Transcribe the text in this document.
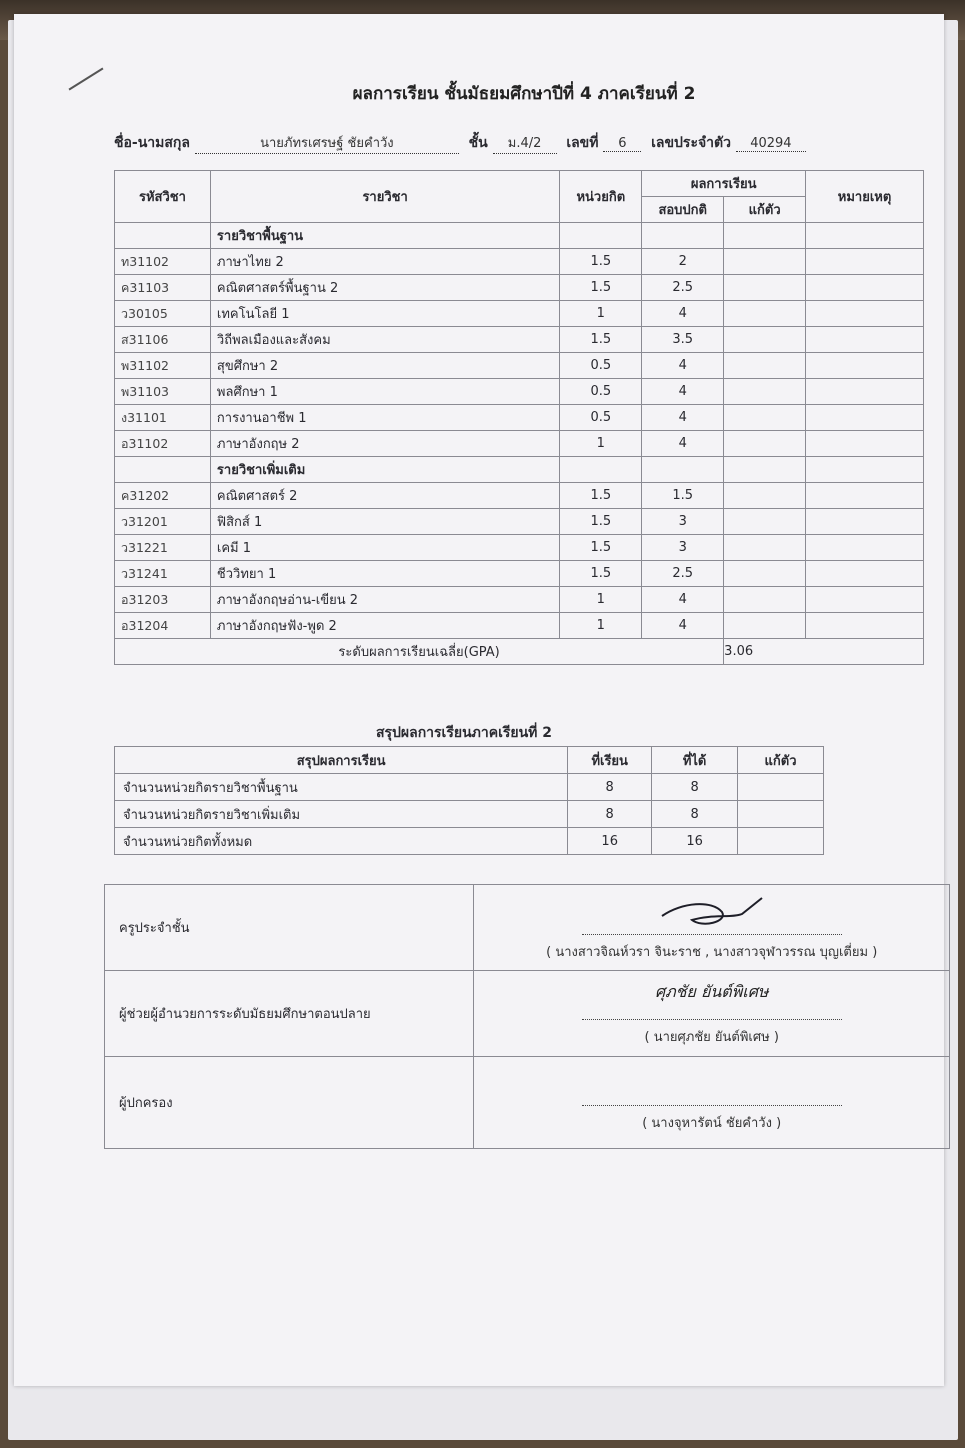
ผลการเรียน ชั้นมัธยมศึกษาปีที่ 4 ภาคเรียนที่ 2
ชื่อ-นามสกุล	นายภัทรเศรษฐ์ ชัยคำวัง	ชั้น ม.4/2 เลขที่ 6 เลขประจำตัว 40294
รหัสวิชา	รายวิชา	หน่วยกิต	ผลการเรียน		หมายเหตุ
			สอบปกติ	แก้ตัว	
	รายวิชาพื้นฐาน				
ท31102	ภาษาไทย 2	1.5	2		
ค31103	คณิตศาสตร์พื้นฐาน 2	1.5	2.5		
ว30105	เทคโนโลยี 1	1	4		
ส31106	วิถีพลเมืองและสังคม	1.5	3.5		
พ31102	สุขศึกษา 2	0.5	4		
พ31103	พลศึกษา 1	0.5	4		
ง31101	การงานอาชีพ 1	0.5	4		
อ31102	ภาษาอังกฤษ 2	1	4		
	รายวิชาเพิ่มเติม				
ค31202	คณิตศาสตร์ 2	1.5	1.5		
ว31201	ฟิสิกส์ 1	1.5	3		
ว31221	เคมี 1	1.5	3		
ว31241	ชีววิทยา 1	1.5	2.5		
อ31203	ภาษาอังกฤษอ่าน-เขียน 2	1	4		
อ31204	ภาษาอังกฤษฟัง-พูด 2	1	4		
ระดับผลการเรียนเฉลี่ย(GPA)				3.06	
สรุปผลการเรียนภาคเรียนที่ 2
สรุปผลการเรียน	ที่เรียน	ที่ได้	แก้ตัว
จำนวนหน่วยกิตรายวิชาพื้นฐาน	8	8	
จำนวนหน่วยกิตรายวิชาเพิ่มเติม	8	8	
จำนวนหน่วยกิตทั้งหมด	16	16	
ครูประจำชั้น	( นางสาวจิณห์วรา จินะราช , นางสาวจุฬาวรรณ บุญเตี่ยม )

ผู้ช่วยผู้อำนวยการระดับมัธยมศึกษาตอนปลาย	ศุภชัย ยันต์พิเศษ
( นายศุภชัย ยันต์พิเศษ )

ผู้ปกครอง	( นางจุหารัตน์ ชัยคำวัง )
